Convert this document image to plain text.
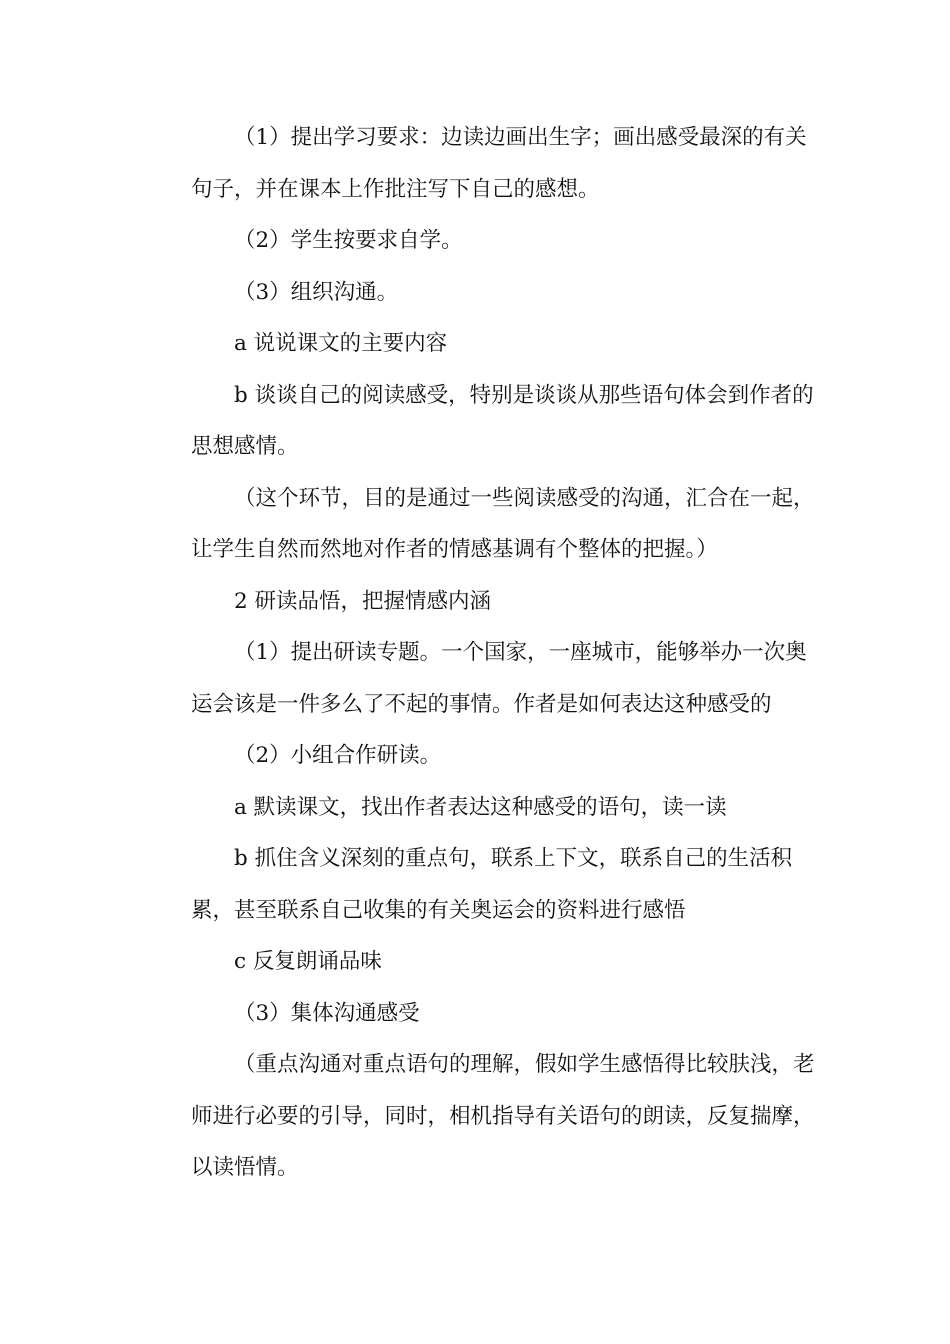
（1）提出学习要求：边读边画出生字；画出感受最深的有关
句子，并在课本上作批注写下自己的感想。
（2）学生按要求自学。
（3）组织沟通。
a 说说课文的主要内容
b 谈谈自己的阅读感受，特别是谈谈从那些语句体会到作者的
思想感情。
（这个环节，目的是通过一些阅读感受的沟通，汇合在一起，
让学生自然而然地对作者的情感基调有个整体的把握。）
2 研读品悟，把握情感内涵
（1）提出研读专题。一个国家，一座城市，能够举办一次奥
运会该是一件多么了不起的事情。作者是如何表达这种感受的
（2）小组合作研读。
a 默读课文，找出作者表达这种感受的语句，读一读
b 抓住含义深刻的重点句，联系上下文，联系自己的生活积
累，甚至联系自己收集的有关奥运会的资料进行感悟
c 反复朗诵品味
（3）集体沟通感受
（重点沟通对重点语句的理解，假如学生感悟得比较肤浅，老
师进行必要的引导，同时，相机指导有关语句的朗读，反复揣摩，
以读悟情。
